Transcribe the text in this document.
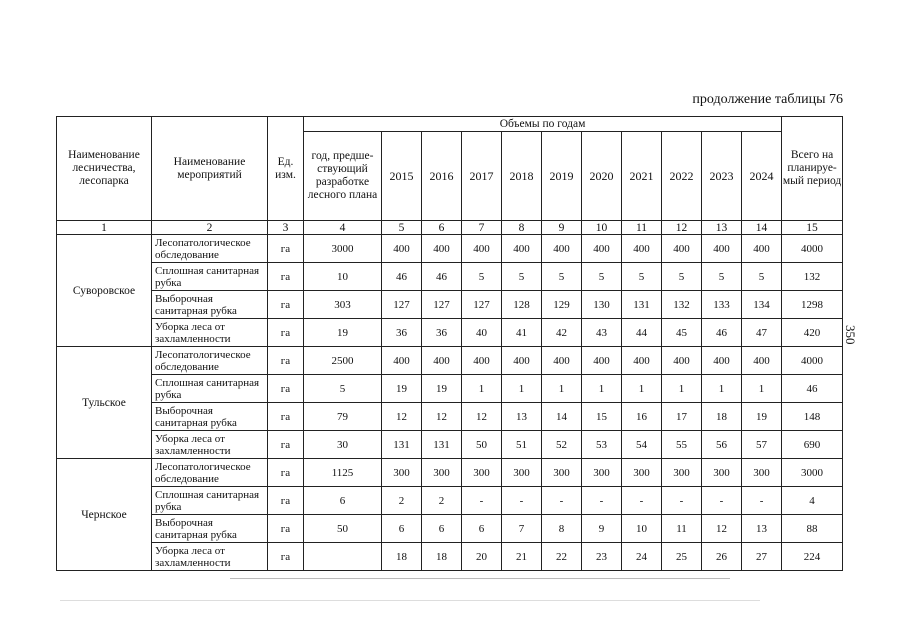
продолжение таблицы 76
350
Наименование лесничества, лесопарка	Наименование мероприятий	Ед. изм.	Объемы по годам											Всего на планируе-мый период
			год, предше-ствующий разработке лесного плана	2015	2016	2017	2018	2019	2020	2021	2022	2023	2024	
1	2	3	4	5	6	7	8	9	10	11	12	13	14	15
Суворовское	Лесопатологическое обследование	га	3000	400	400	400	400	400	400	400	400	400	400	4000
	Сплошная санитарная рубка	га	10	46	46	5	5	5	5	5	5	5	5	132
	Выборочная санитарная рубка	га	303	127	127	127	128	129	130	131	132	133	134	1298
	Уборка леса от захламленности	га	19	36	36	40	41	42	43	44	45	46	47	420
Тульское	Лесопатологическое обследование	га	2500	400	400	400	400	400	400	400	400	400	400	4000
	Сплошная санитарная рубка	га	5	19	19	1	1	1	1	1	1	1	1	46
	Выборочная санитарная рубка	га	79	12	12	12	13	14	15	16	17	18	19	148
	Уборка леса от захламленности	га	30	131	131	50	51	52	53	54	55	56	57	690
Чернское	Лесопатологическое обследование	га	1125	300	300	300	300	300	300	300	300	300	300	3000
	Сплошная санитарная рубка	га	6	2	2	-	-	-	-	-	-	-	-	4
	Выборочная санитарная рубка	га	50	6	6	6	7	8	9	10	11	12	13	88
	Уборка леса от захламленности	га		18	18	20	21	22	23	24	25	26	27	224
